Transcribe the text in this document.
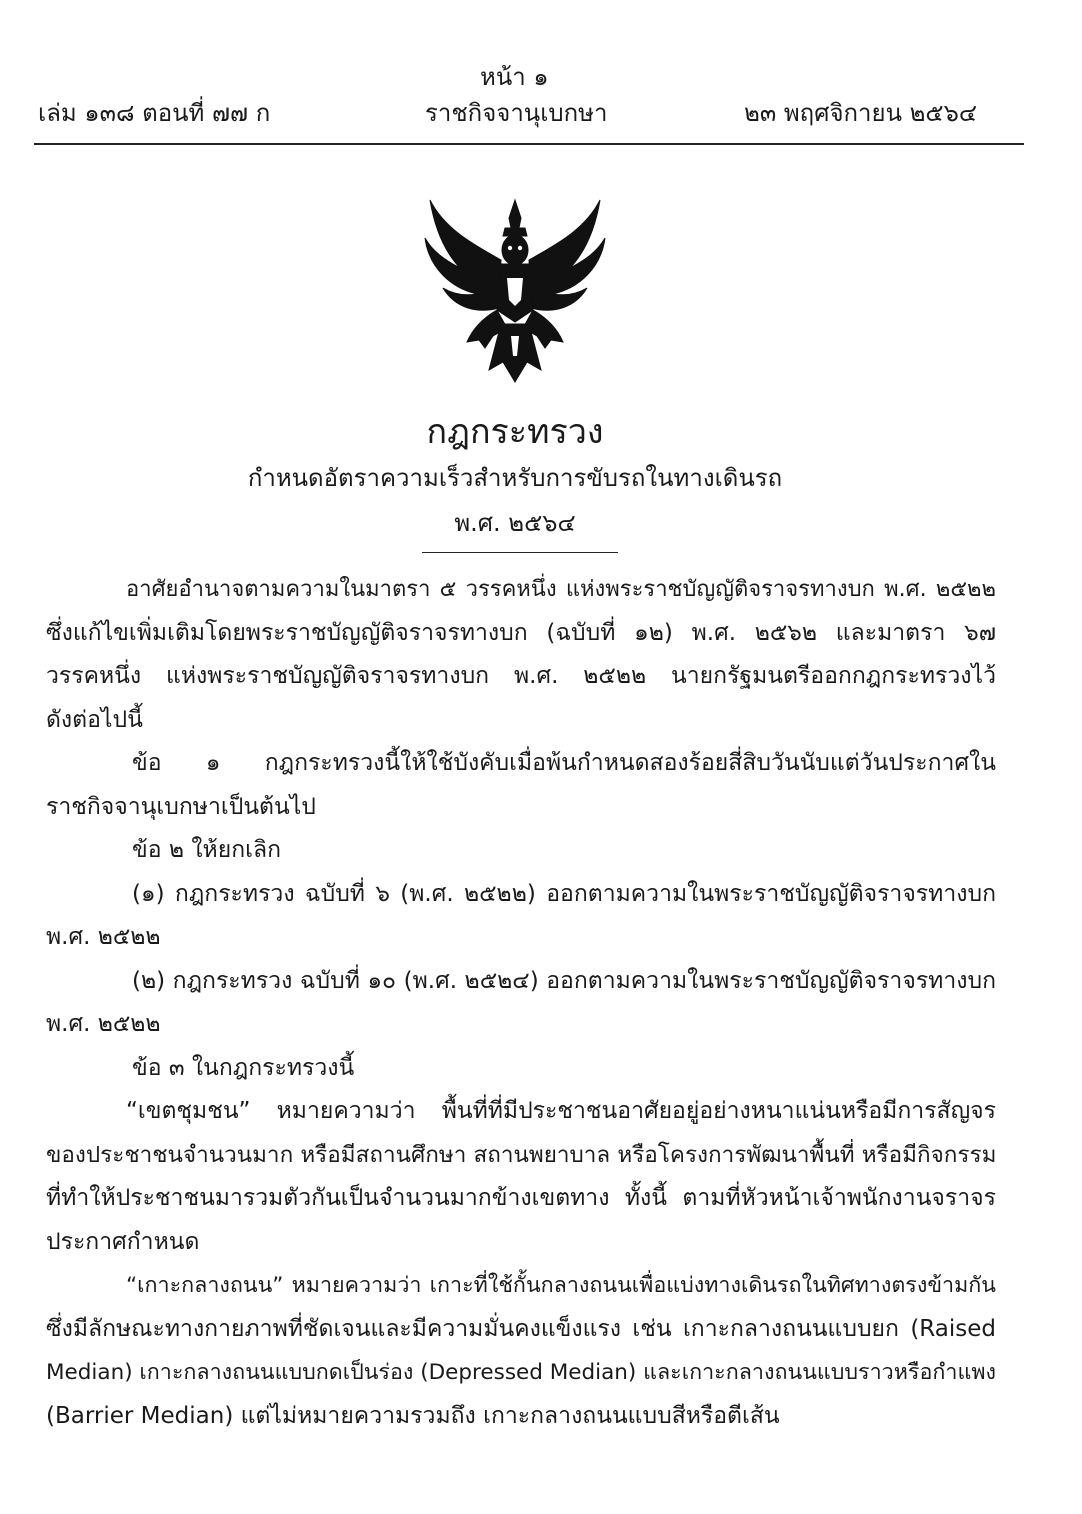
หน้า ๑
เล่ม ๑๓๘ ตอนที่ ๗๗ ก	ราชกิจจานุเบกษา	๒๓ พฤศจิกายน ๒๕๖๔
กฎกระทรวง
กำหนดอัตราความเร็วสำหรับการขับรถในทางเดินรถ
พ.ศ. ๒๕๖๔
อาศัยอำนาจตามความในมาตรา ๕ วรรคหนึ่ง แห่งพระราชบัญญัติจราจรทางบก พ.ศ. ๒๕๒๒
ซึ่งแก้ไขเพิ่มเติมโดยพระราชบัญญัติจราจรทางบก (ฉบับที่ ๑๒) พ.ศ. ๒๕๖๒ และมาตรา ๖๗
วรรคหนึ่ง แห่งพระราชบัญญัติจราจรทางบก พ.ศ. ๒๕๒๒ นายกรัฐมนตรีออกกฎกระทรวงไว้
ดังต่อไปนี้
ข้อ ๑ กฎกระทรวงนี้ให้ใช้บังคับเมื่อพ้นกำหนดสองร้อยสี่สิบวันนับแต่วันประกาศใน
ราชกิจจานุเบกษาเป็นต้นไป
ข้อ ๒ ให้ยกเลิก
(๑) กฎกระทรวง ฉบับที่ ๖ (พ.ศ. ๒๕๒๒) ออกตามความในพระราชบัญญัติจราจรทางบก
พ.ศ. ๒๕๒๒
(๒) กฎกระทรวง ฉบับที่ ๑๐ (พ.ศ. ๒๕๒๔) ออกตามความในพระราชบัญญัติจราจรทางบก
พ.ศ. ๒๕๒๒
ข้อ ๓ ในกฎกระทรวงนี้
“เขตชุมชน” หมายความว่า พื้นที่ที่มีประชาชนอาศัยอยู่อย่างหนาแน่นหรือมีการสัญจร
ของประชาชนจำนวนมาก หรือมีสถานศึกษา สถานพยาบาล หรือโครงการพัฒนาพื้นที่ หรือมีกิจกรรม
ที่ทำให้ประชาชนมารวมตัวกันเป็นจำนวนมากข้างเขตทาง ทั้งนี้ ตามที่หัวหน้าเจ้าพนักงานจราจร
ประกาศกำหนด
“เกาะกลางถนน” หมายความว่า เกาะที่ใช้กั้นกลางถนนเพื่อแบ่งทางเดินรถในทิศทางตรงข้ามกัน
ซึ่งมีลักษณะทางกายภาพที่ชัดเจนและมีความมั่นคงแข็งแรง เช่น เกาะกลางถนนแบบยก (Raised
Median) เกาะกลางถนนแบบกดเป็นร่อง (Depressed Median) และเกาะกลางถนนแบบราวหรือกำแพง
(Barrier Median) แต่ไม่หมายความรวมถึง เกาะกลางถนนแบบสีหรือตีเส้น
